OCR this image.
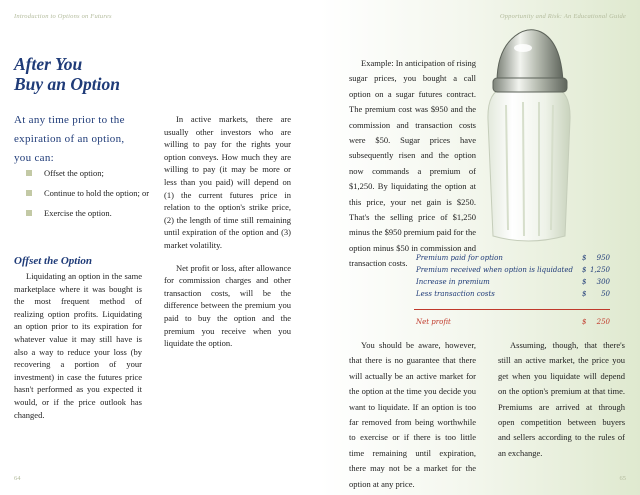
Introduction to Options on Futures
After You
Buy an Option

At any time prior to the expiration of an option, you can:

Offset the option;
Continue to hold the option; or
Exercise the option.
Offset the Option

Liquidating an option in the same marketplace where it was bought is the most frequent method of realizing option profits. Liquidating an option prior to its expiration for whatever value it may still have is also a way to reduce your loss (by recovering a portion of your investment) in case the futures price hasn't performed as you expected it would, or if the price outlook has changed.

In active markets, there are usually other investors who are willing to pay for the rights your option conveys. How much they are willing to pay (it may be more or less than you paid) will depend on (1) the current futures price in relation to the option's strike price, (2) the length of time still remaining until expiration of the option and (3) market volatility.

Net profit or loss, after allowance for commission charges and other transaction costs, will be the difference between the premium you paid to buy the option and the premium you receive when you liquidate the option.

64
Opportunity and Risk: An Educational Guide
65

Example: In anticipation of rising sugar prices, you bought a call option on a sugar futures contract. The premium cost was $950 and the commission and transaction costs were $50. Sugar prices have subsequently risen and the option now commands a premium of $1,250. By liquidating the option at this price, your net gain is $250. That's the selling price of $1,250 minus the $950 premium paid for the option minus $50 in commission and transaction costs.

Premium paid for option	$ 950
Premium received when option is liquidated $ 1,250
Increase in premium	$ 300
Less transaction costs	$ 50
Net profit	$ 250

You should be aware, however, that there is no guarantee that there will actually be an active market for the option at the time you decide you want to liquidate. If an option is too far removed from being worthwhile to exercise or if there is too little time remaining until expiration, there may not be a market for the option at any price.

Assuming, though, that there's still an active market, the price you get when you liquidate will depend on the option's premium at that time. Premiums are arrived at through open competition between buyers and sellers according to the rules of an exchange.
